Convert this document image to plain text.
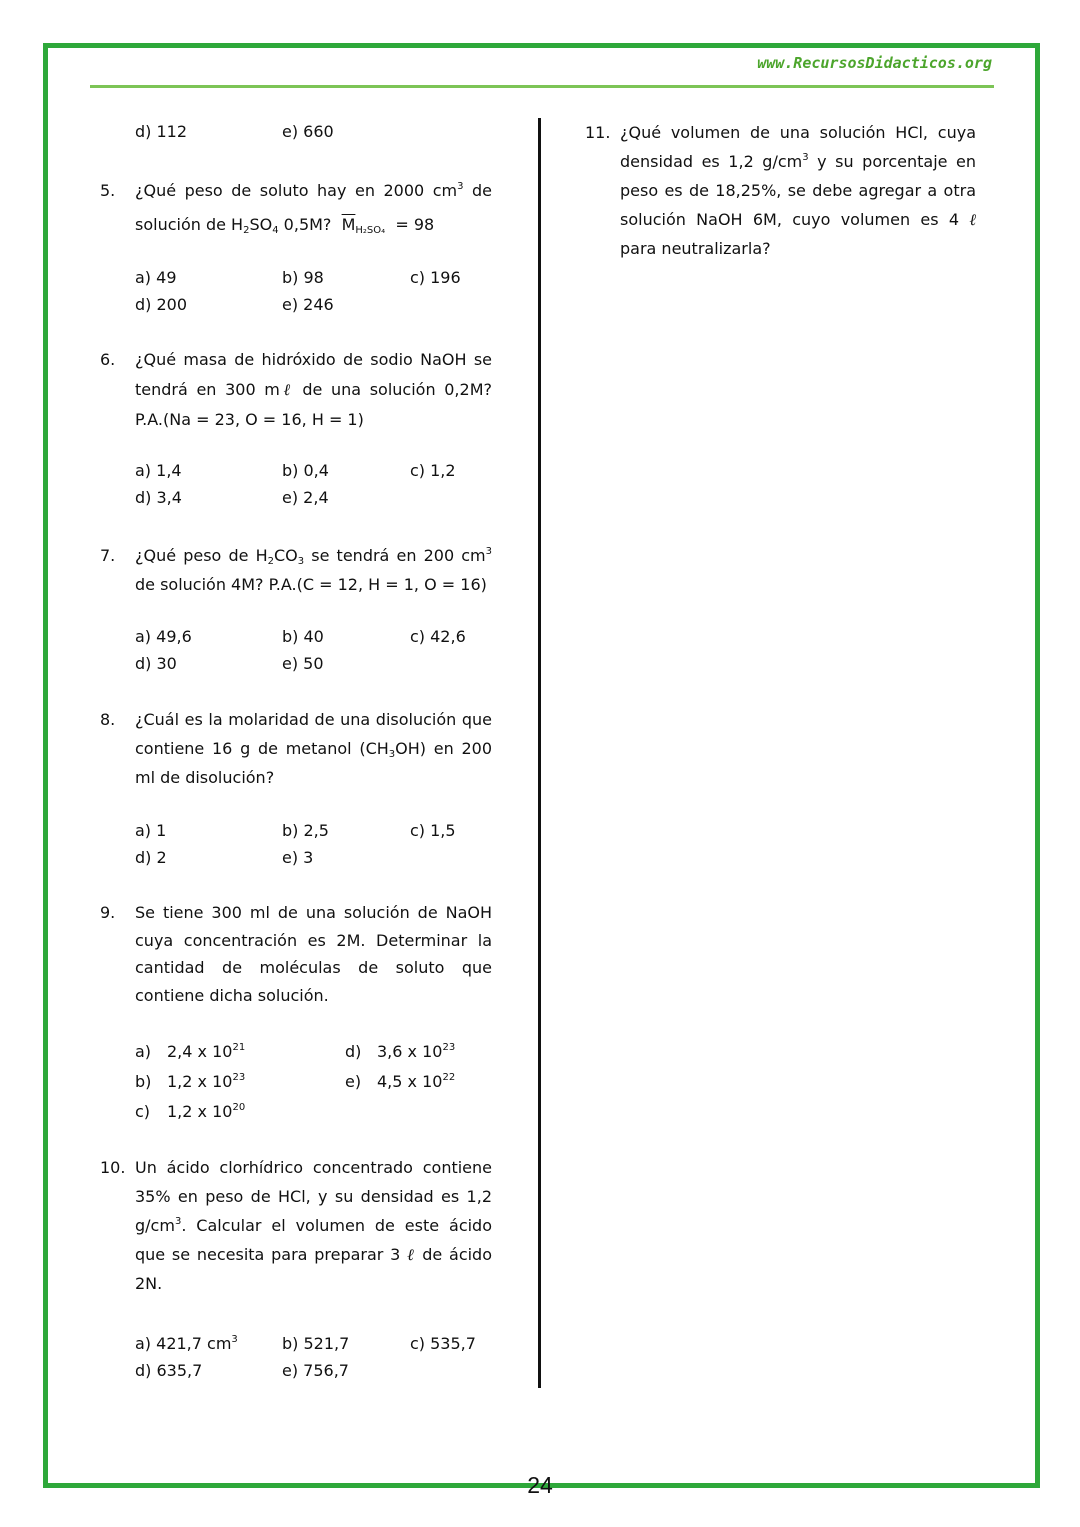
www.RecursosDidacticos.org
d) 112	e) 660
5. ¿Qué peso de soluto hay en 2000 $cm^3$ de solución de $H_2SO_4$ 0,5M? $\overline{M}_{H_2SO_4} = 98$
a) 49	b) 98	c) 196
d) 200	e) 246
6. ¿Qué masa de hidróxido de sodio NaOH se tendrá en 300 mℓ de una solución 0,2M? P.A.(Na = 23, O = 16, H = 1)
a) 1,4	b) 0,4	c) 1,2
d) 3,4	e) 2,4
7. ¿Qué peso de $H_2CO_3$ se tendrá en 200 $cm^3$ de solución 4M? P.A.(C = 12, H = 1, O = 16)
a) 49,6	b) 40	c) 42,6
d) 30	e) 50
8. ¿Cuál es la molaridad de una disolución que contiene 16 g de metanol $(CH_3OH)$ en 200 ml de disolución?
a) 1	b) 2,5	c) 1,5
d) 2	e) 3
9. Se tiene 300 ml de una solución de NaOH cuya concentración es 2M. Determinar la cantidad de moléculas de soluto que contiene dicha solución.
a) 2,4 x $10^{21}$	d) 3,6 x $10^{23}$
b) 1,2 x $10^{23}$	e) 4,5 x $10^{22}$
c) 1,2 x $10^{20}$
10. Un ácido clorhídrico concentrado contiene 35% en peso de HCl, y su densidad es 1,2 $g/cm^3$. Calcular el volumen de este ácido que se necesita para preparar 3 ℓ de ácido 2N.
a) 421,7 $cm^3$	b) 521,7	c) 535,7
d) 635,7	e) 756,7
11. ¿Qué volumen de una solución HCl, cuya densidad es 1,2 $g/cm^3$ y su porcentaje en peso es de 18,25%, se debe agregar a otra solución NaOH 6M, cuyo volumen es 4 ℓ para neutralizarla?
24
